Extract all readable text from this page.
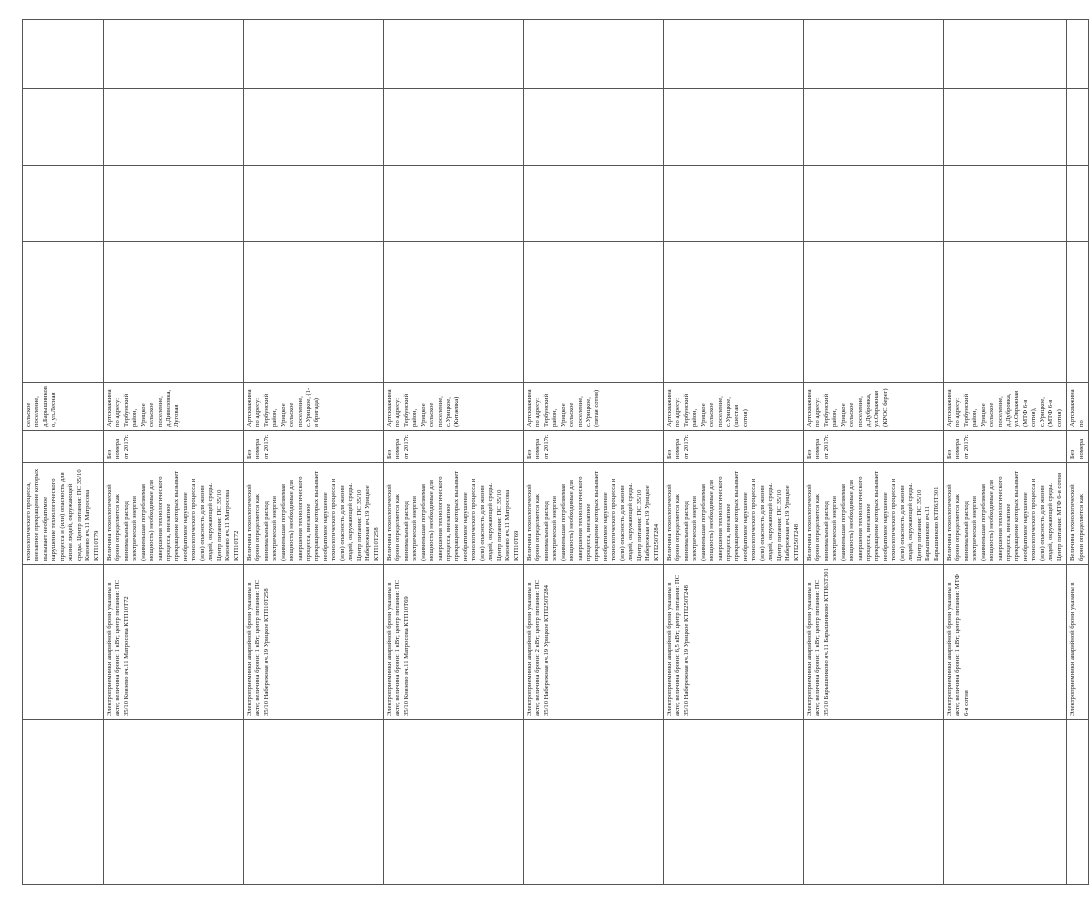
		технологического процесса, внезапное прекращение которых вызывает необратимое нарушение технологического процесса и (или) опасность для жизни людей, окружающей среды. Центр питания: ПС 35/10 Князево яч.11 Матросова КТП10Т79		сельское поселение, д.Барышниково, ул.Лесная				

	Электроприемники аварийной брони указаны в акте; величина брони: 1 кВт; центр питания: ПС 35/10 Князево яч.11 Матросова КТП10Т72	Величина технологической брони определяется как минимальный расход электрической энергии (наименьшая потребляемая мощность) необходимые для завершения технологического процесса, внезапное прекращение которых вызывает необратимое нарушение технологического процесса и (или) опасность для жизни людей, окружающей среды. Центр питания: ПС 35/10 Князево яч.11 Матросова КТП10Т72	Без номера от 2017г.	Артскважина по адресу: Тербунский район, Урицкое сельское поселение, д.Дивиловка, Луговая				

	Электроприемники аварийной брони указаны в акте; величина брони: 1 кВт; центр питания: ПС 35/10 Набережная яч.19 Урицкое КТП10Т258	Величина технологической брони определяется как минимальный расход электрической энергии (наименьшая потребляемая мощность) необходимые для завершения технологического процесса, внезапное прекращение которых вызывает необратимое нарушение технологического процесса и (или) опасность для жизни людей, окружающей среды. Центр питания: ПС 35/10 Набережная яч.19 Урицкое КТП10Т258	Без номера от 2017г.	Артскважина по адресу: Тербунский район, Урицкое сельское поселение, с.Урицкое, (1-я бригада)				

	Электроприемники аварийной брони указаны в акте; величина брони: 1 кВт; центр питания: ПС 35/10 Князево яч.11 Матросова КТП10Т69	Величина технологической брони определяется как минимальный расход электрической энергии (наименьшая потребляемая мощность) необходимые для завершения технологического процесса, внезапное прекращение которых вызывает необратимое нарушение технологического процесса и (или) опасность для жизни людей, окружающей среды. Центр питания: ПС 35/10 Князево яч.11 Матросова КТП10Т69	Без номера от 2017г.	Артскважина по адресу: Тербунский район, Урицкое сельское поселение, с.Урицкое, (Китаевка)				

	Электроприемники аварийной брони указаны в акте; величина брони: 2 кВт; центр питания: ПС 35/10 Набережная яч.19 Урицкое КТП250Т284	Величина технологической брони определяется как минимальный расход электрической энергии (наименьшая потребляемая мощность) необходимые для завершения технологического процесса, внезапное прекращение которых вызывает необратимое нарушение технологического процесса и (или) опасность для жизни людей, окружающей среды. Центр питания: ПС 35/10 Набережная яч.19 Урицкое КТП250Т284	Без номера от 2017г.	Артскважина по адресу: Тербунский район, Урицкое сельское поселение, с.Урицкое, (пятая сотня)				

	Электроприемники аварийной брони указаны в акте; величина брони: 6,5 кВт; центр питания: ПС 35/10 Набережная яч.19 Урицкое КТП250Т248	Величина технологической брони определяется как минимальный расход электрической энергии (наименьшая потребляемая мощность) необходимые для завершения технологического процесса, внезапное прекращение которых вызывает необратимое нарушение технологического процесса и (или) опасность для жизни людей, окружающей среды. Центр питания: ПС 35/10 Набережная яч.19 Урицкое КТП250Т248	Без номера от 2017г.	Артскважина по адресу: Тербунский район, Урицкое сельское поселение, с.Урицкое, (шестая сотня)				

	Электроприемники аварийной брони указаны в акте; величина брони: 1 кВт; центр питания: ПС 35/10 Барышниково яч.11 Барышниково КТП63Т301	Величина технологической брони определяется как минимальный расход электрической энергии (наименьшая потребляемая мощность) необходимые для завершения технологического процесса, внезапное прекращение которых вызывает необратимое нарушение технологического процесса и (или) опасность для жизни людей, окружающей среды. Центр питания: ПС 35/10 Барышниково яч.11 Барышниково КТП63Т301	Без номера от 2017г.	Артскважина по адресу: Тербунский район, Урицкое сельское поселение, д.Дубровка, ул.Овражная (КРОС берег)				

	Электроприемники аварийной брони указаны в акте; величина брони: 1 кВт; центр питания: МТФ 6-я сотня	Величина технологической брони определяется как минимальный расход электрической энергии (наименьшая потребляемая мощность) необходимые для завершения технологического процесса, внезапное прекращение которых вызывает необратимое нарушение технологического процесса и (или) опасность для жизни людей, окружающей среды. Центр питания: МТФ 6-я сотня	Без номера от 2017г.	Артскважина по адресу: Тербунский район, Урицкое сельское поселение, д.Дубровка, ул.Овражная (МТФ 6-я сотня), с.Урицкое, (МТФ 6-я сотня)				

	Электроприемники аварийной брони указаны в	Величина технологической брони определяется как	Без номера	Артскважина по				
